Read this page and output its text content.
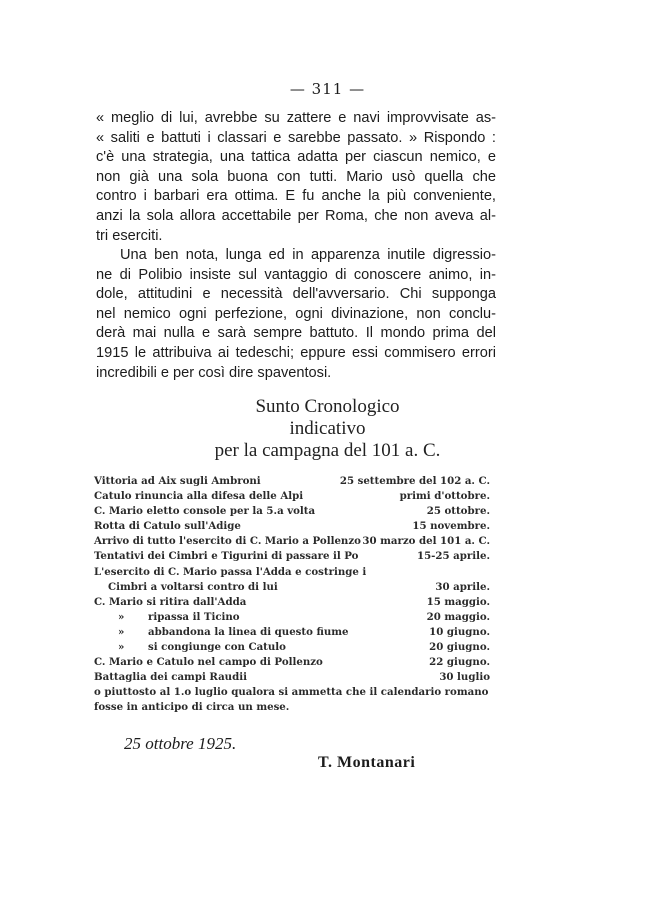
— 311 —
« meglio di lui, avrebbe su zattere e navi improvvisate as-
« saliti e battuti i classari e sarebbe passato. » Rispondo :
c'è una strategia, una tattica adatta per ciascun nemico, e
non già una sola buona con tutti. Mario usò quella che
contro i barbari era ottima. E fu anche la più conveniente,
anzi la sola allora accettabile per Roma, che non aveva al-
tri eserciti.
Una ben nota, lunga ed in apparenza inutile digressio-
ne di Polibio insiste sul vantaggio di conoscere animo, in-
dole, attitudini e necessità dell'avversario. Chi supponga
nel nemico ogni perfezione, ogni divinazione, non conclu-
derà mai nulla e sarà sempre battuto. Il mondo prima del
1915 le attribuiva ai tedeschi; eppure essi commisero errori
incredibili e per così dire spaventosi.
Sunto Cronologico
indicativo
per la campagna del 101 a. C.
Vittoria ad Aix sugli Ambroni	25 settembre del 102 a. C.
Catulo rinuncia alla difesa delle Alpi	primi d'ottobre.
C. Mario eletto console per la 5.a volta	25 ottobre.
Rotta di Catulo sull'Adige	15 novembre.
Arrivo di tutto l'esercito di C. Mario a Pollenzo 30 marzo del 101 a. C.
Tentativi dei Cimbri e Tigurini di passare il Po	15-25 aprile.
L'esercito di C. Mario passa l'Adda e costringe i
Cimbri a voltarsi contro di lui	30 aprile.
C. Mario si ritira dall'Adda	15 maggio.
» ripassa il Ticino	20 maggio.
» abbandona la linea di questo fiume	10 giugno.
» si congiunge con Catulo	20 giugno.
C. Mario e Catulo nel campo di Pollenzo	22 giugno.
Battaglia dei campi Raudii	30 luglio
o piuttosto al 1.o luglio qualora si ammetta che il calendario romano
fosse in anticipo di circa un mese.
25 ottobre 1925.
T. Montanari
